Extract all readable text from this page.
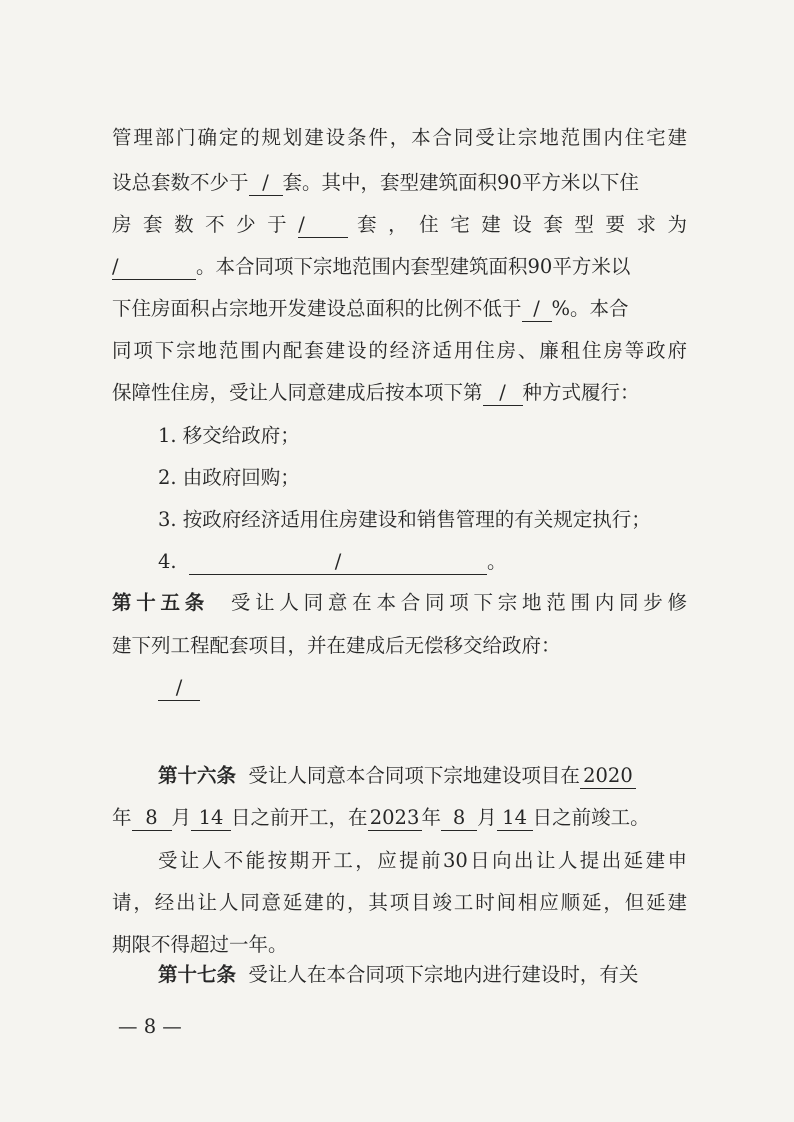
管理部门确定的规划建设条件，本合同受让宗地范围内住宅建
设总套数不少于 / 套。其中，套型建筑面积90平方米以下住
房 套 数 不 少 于 /	套 ， 住 宅 建 设 套 型 要 求 为
/	。本合同项下宗地范围内套型建筑面积90平方米以
下住房面积占宗地开发建设总面积的比例不低于 / %。本合
同项下宗地范围内配套建设的经济适用住房、廉租住房等政府
保障性住房，受让人同意建成后按本项下第 / 种方式履行：
1. 移交给政府；
2. 由政府回购；
3. 按政府经济适用住房建设和销售管理的有关规定执行；
4.	/	。
第十五条 受让人同意在本合同项下宗地范围内同步修
建下列工程配套项目，并在建成后无偿移交给政府：
/
第十六条 受让人同意本合同项下宗地建设项目在 2020
年 8 月 14 日之前开工，在 2023 年 8 月 14 日之前竣工。
受让人不能按期开工，应提前30日向出让人提出延建申
请，经出让人同意延建的，其项目竣工时间相应顺延，但延建
期限不得超过一年。
第十七条 受让人在本合同项下宗地内进行建设时，有关
— 8 —
